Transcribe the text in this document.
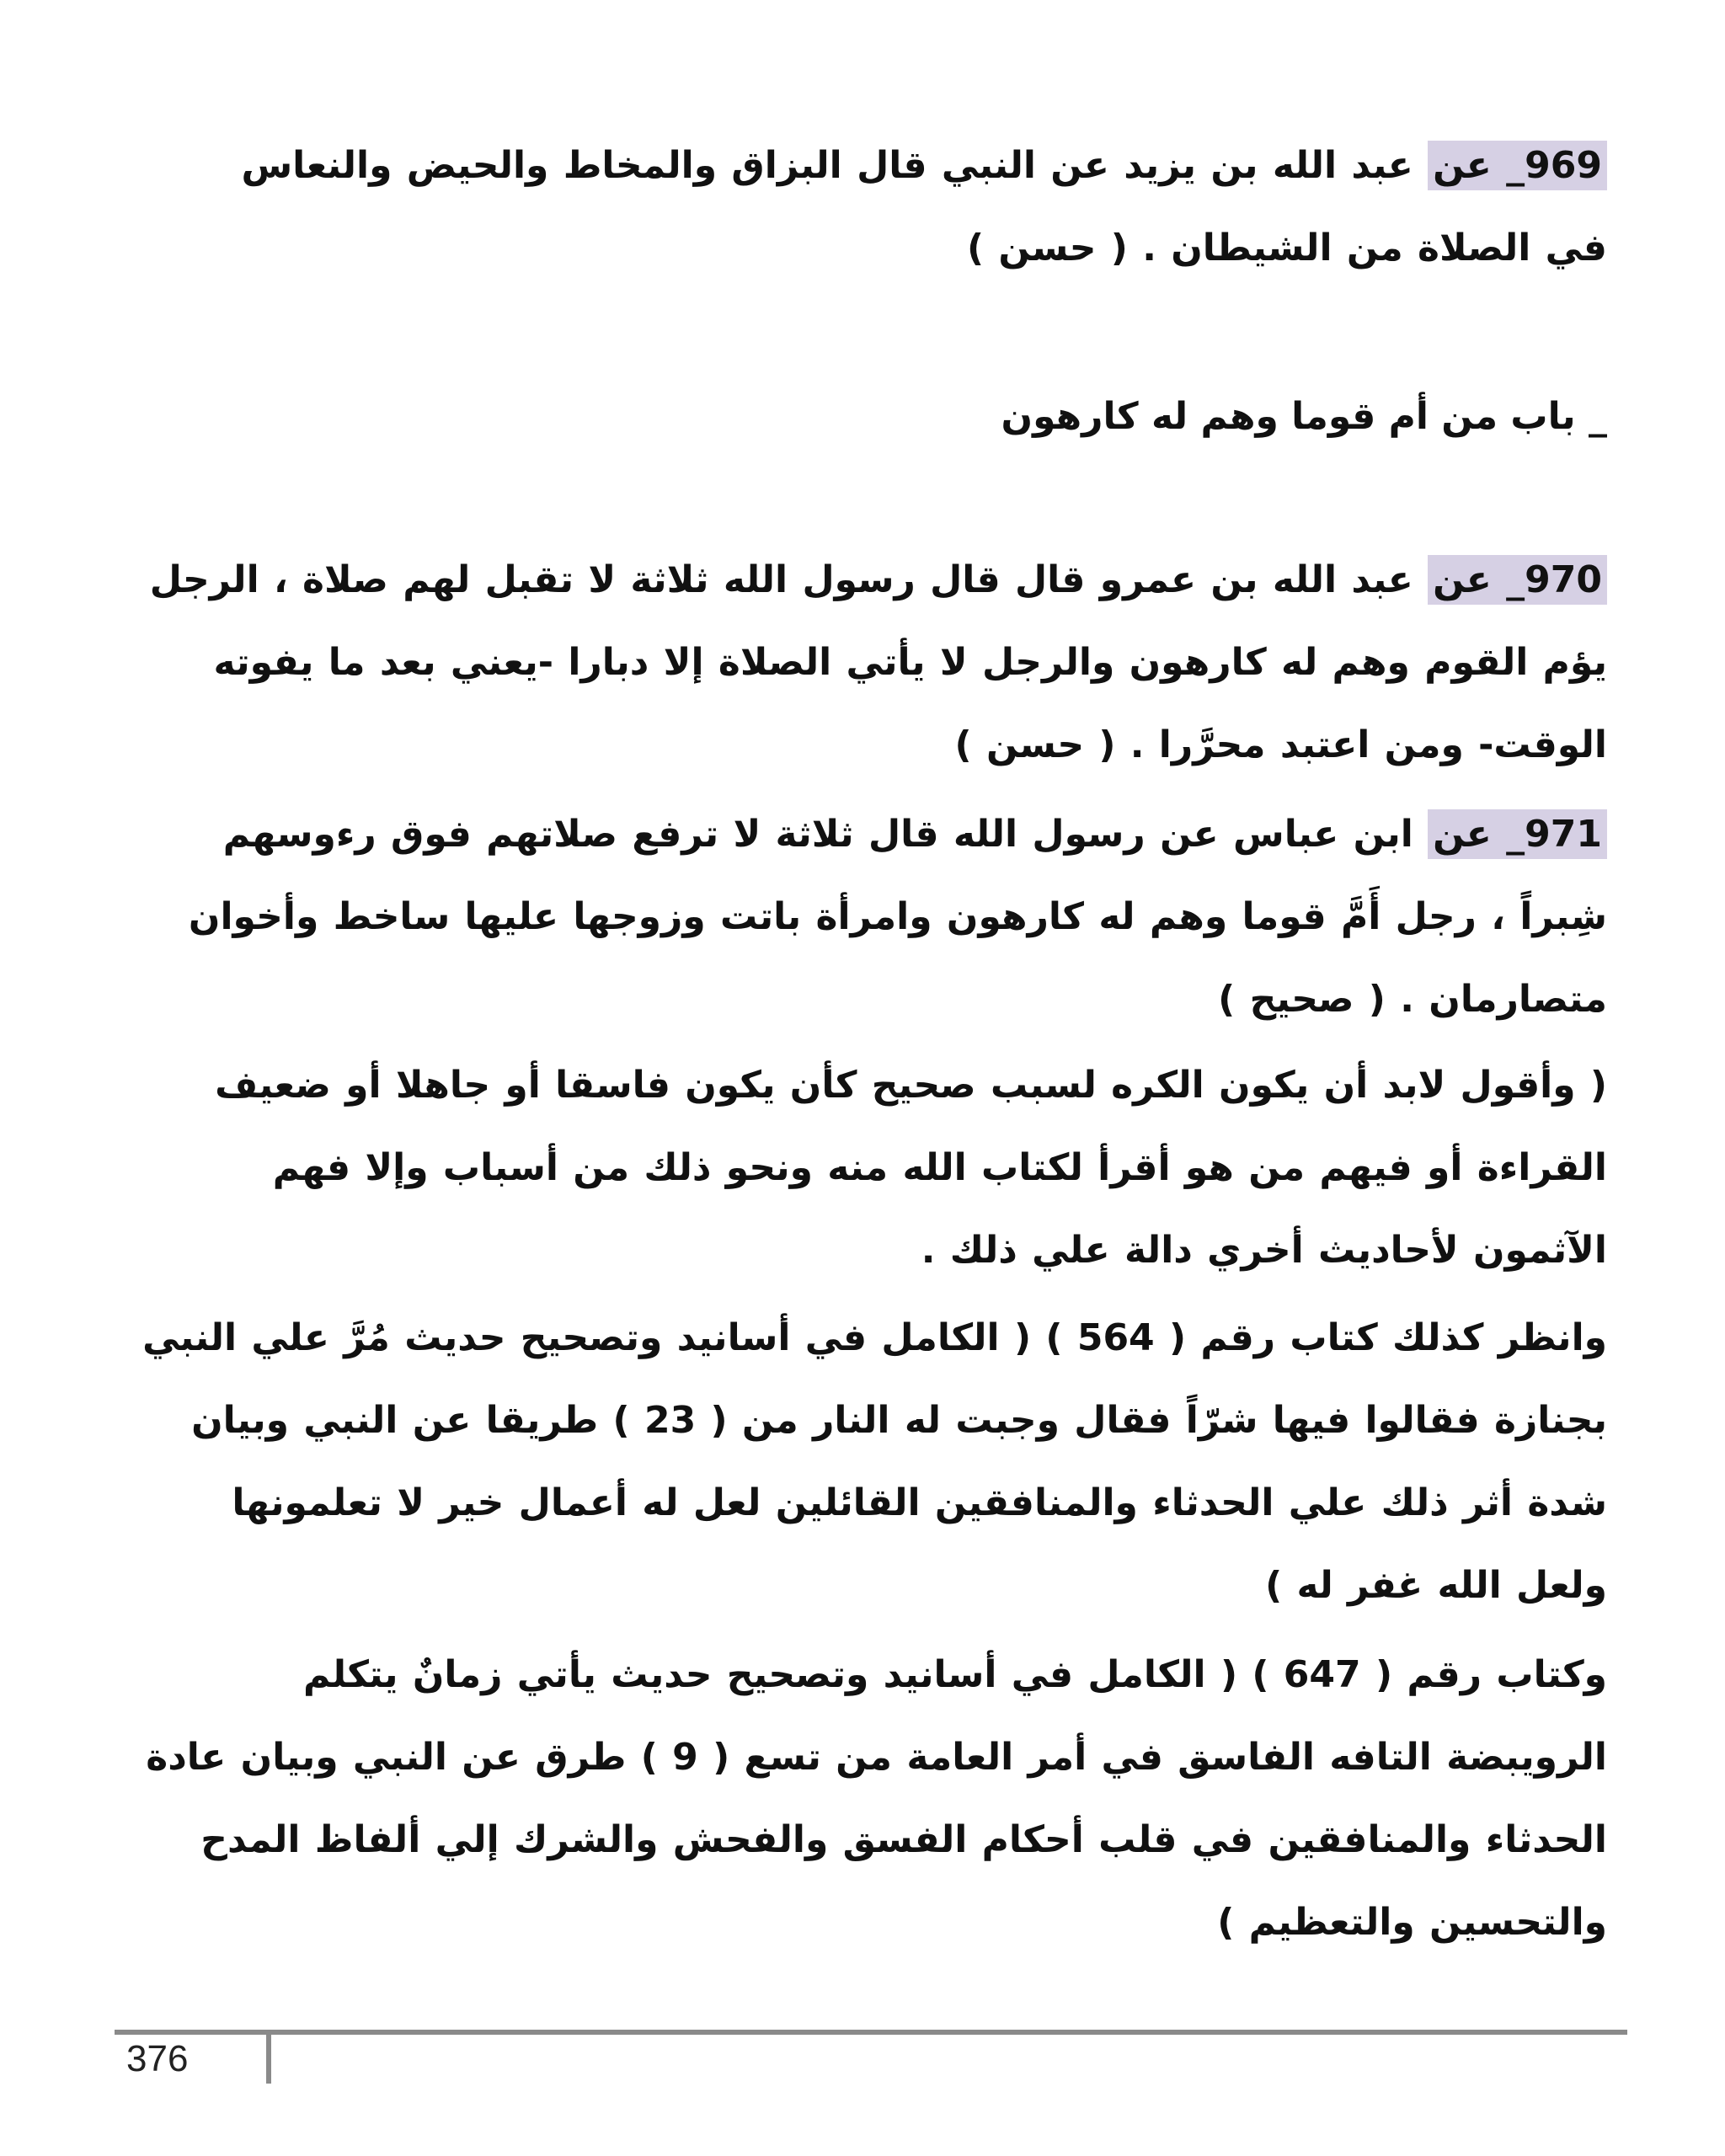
969_ عن عبد الله بن يزيد عن النبي قال البزاق والمخاط والحيض والنعاس في الصلاة من الشيطان . ( حسن )
_ باب من أم قوما وهم له كارهون
970_ عن عبد الله بن عمرو قال قال رسول الله ثلاثة لا تقبل لهم صلاة ، الرجل يؤم القوم وهم له كارهون والرجل لا يأتي الصلاة إلا دبارا -يعني بعد ما يفوته الوقت- ومن اعتبد محرَّرا . ( حسن )
971_ عن ابن عباس عن رسول الله قال ثلاثة لا ترفع صلاتهم فوق رءوسهم شِبراً ، رجل أَمَّ قوما وهم له كارهون وامرأة باتت وزوجها عليها ساخط وأخوان متصارمان . ( صحيح )
( وأقول لابد أن يكون الكره لسبب صحيح كأن يكون فاسقا أو جاهلا أو ضعيف القراءة أو فيهم من هو أقرأ لكتاب الله منه ونحو ذلك من أسباب وإلا فهم الآثمون لأحاديث أخري دالة علي ذلك .
وانظر كذلك كتاب رقم ( 564 ) ( الكامل في أسانيد وتصحيح حديث مُرَّ علي النبي بجنازة فقالوا فيها شرّاً فقال وجبت له النار من ( 23 ) طريقا عن النبي وبيان شدة أثر ذلك علي الحدثاء والمنافقين القائلين لعل له أعمال خير لا تعلمونها ولعل الله غفر له )
وكتاب رقم ( 647 ) ( الكامل في أسانيد وتصحيح حديث يأتي زمانٌ يتكلم الرويبضة التافه الفاسق في أمر العامة من تسع ( 9 ) طرق عن النبي وبيان عادة الحدثاء والمنافقين في قلب أحكام الفسق والفحش والشرك إلي ألفاظ المدح والتحسين والتعظيم )
376
